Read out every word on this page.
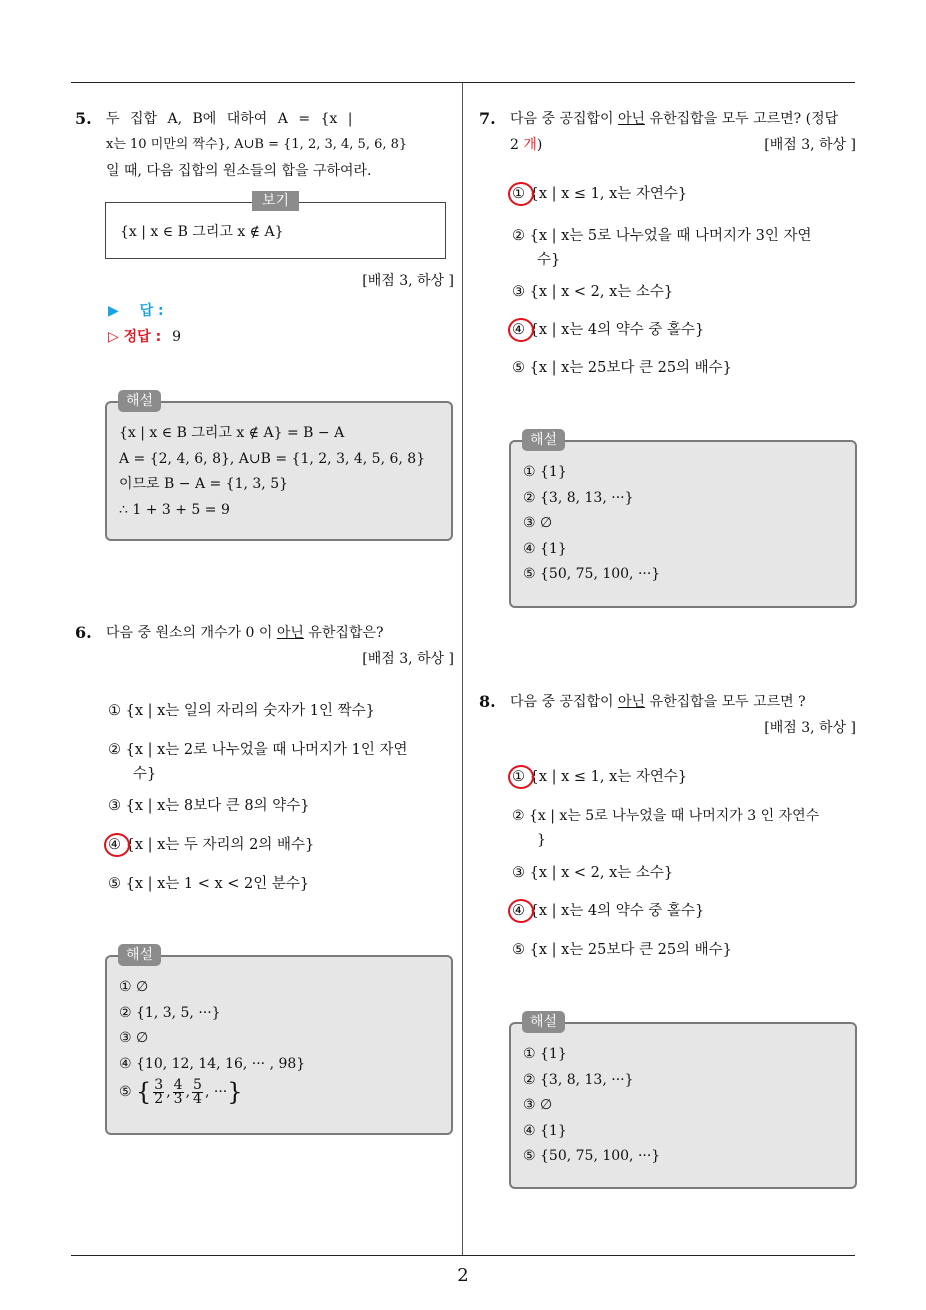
2
5. 두 집합 A, B에 대하여 A = {x |
x는 10 미만의 짝수}, A∪B = {1, 2, 3, 4, 5, 6, 8}
일 때, 다음 집합의 원소들의 합을 구하여라.
{x | x ∈ B 그리고 x ∉ A}
보기
[배점 3, 하상 ]
▶ 답 :
▷ 정답 : 9
{x | x ∈ B 그리고 x ∉ A} = B − A
A = {2, 4, 6, 8}, A∪B = {1, 2, 3, 4, 5, 6, 8}
이므로 B − A = {1, 3, 5}
∴ 1 + 3 + 5 = 9
해설
6. 다음 중 원소의 개수가 0 이 아닌 유한집합은?
[배점 3, 하상 ]
① {x | x는 일의 자리의 숫자가 1인 짝수}
② {x | x는 2로 나누었을 때 나머지가 1인 자연
수}
③ {x | x는 8보다 큰 8의 약수}
④ {x | x는 두 자리의 2의 배수}
⑤ {x | x는 1 < x < 2인 분수}
① ∅
② {1, 3, 5, ···}
③ ∅
④ {10, 12, 14, 16, ··· , 98}
⑤ { $\frac{3}{2}$ , $\frac{4}{3}$ , $\frac{5}{4}$ , ···}
해설
7. 다음 중 공집합이 아닌 유한집합을 모두 고르면? (정답
2 개)	[배점 3, 하상 ]
① {x | x ≤ 1, x는 자연수}
② {x | x는 5로 나누었을 때 나머지가 3인 자연
수}
③ {x | x < 2, x는 소수}
④ {x | x는 4의 약수 중 홀수}
⑤ {x | x는 25보다 큰 25의 배수}
① {1}
② {3, 8, 13, ···}
③ ∅
④ {1}
⑤ {50, 75, 100, ···}
해설
8. 다음 중 공집합이 아닌 유한집합을 모두 고르면 ?
[배점 3, 하상 ]
① {x | x ≤ 1, x는 자연수}
② {x | x는 5로 나누었을 때 나머지가 3 인 자연수
}
③ {x | x < 2, x는 소수}
④ {x | x는 4의 약수 중 홀수}
⑤ {x | x는 25보다 큰 25의 배수}
① {1}
② {3, 8, 13, ···}
③ ∅
④ {1}
⑤ {50, 75, 100, ···}
해설
